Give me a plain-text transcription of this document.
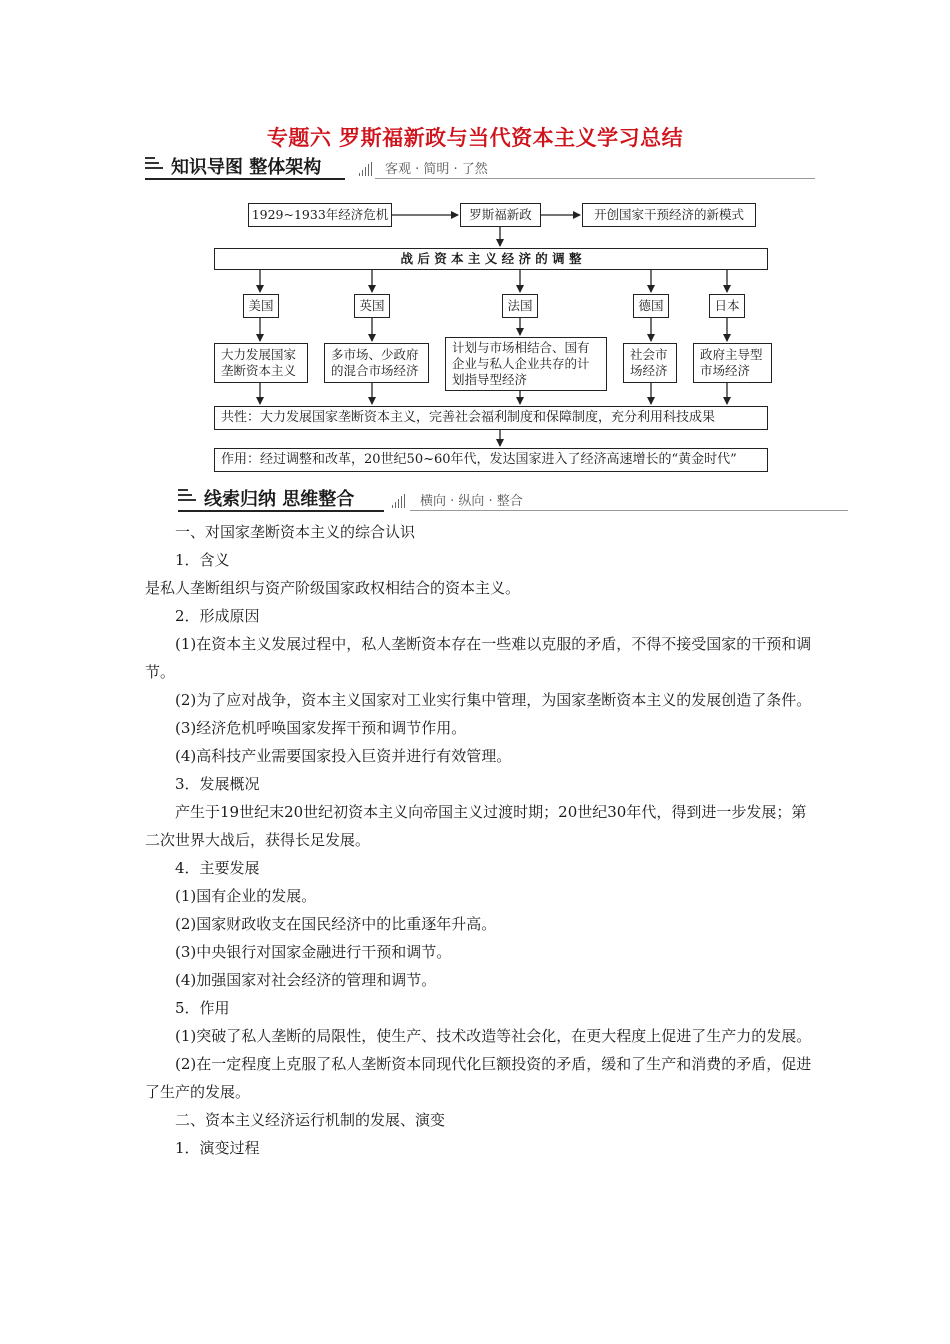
专题六 罗斯福新政与当代资本主义学习总结
知识导图 整体架构	客观 · 简明 · 了然
1929~1933年经济危机	罗斯福新政	开创国家干预经济的新模式
战 后 资 本 主 义 经 济 的 调 整
美国	英国	法国	德国	日本
大力发展国家
垄断资本主义
多市场、少政府
的混合市场经济
计划与市场相结合、国有
企业与私人企业共存的计
划指导型经济
社会市
场经济
政府主导型
市场经济
共性：大力发展国家垄断资本主义，完善社会福利制度和保障制度，充分利用科技成果
作用：经过调整和改革，20世纪50~60年代，发达国家进入了经济高速增长的“黄金时代”
线索归纳 思维整合	横向 · 纵向 · 整合

一、对国家垄断资本主义的综合认识

1．含义

是私人垄断组织与资产阶级国家政权相结合的资本主义。

2．形成原因

(1)在资本主义发展过程中，私人垄断资本存在一些难以克服的矛盾，不得不接受国家的干预和调节。

(2)为了应对战争，资本主义国家对工业实行集中管理，为国家垄断资本主义的发展创造了条件。

(3)经济危机呼唤国家发挥干预和调节作用。

(4)高科技产业需要国家投入巨资并进行有效管理。

3．发展概况

产生于19世纪末20世纪初资本主义向帝国主义过渡时期；20世纪30年代，得到进一步发展；第二次世界大战后，获得长足发展。

4．主要发展

(1)国有企业的发展。

(2)国家财政收支在国民经济中的比重逐年升高。

(3)中央银行对国家金融进行干预和调节。

(4)加强国家对社会经济的管理和调节。

5．作用

(1)突破了私人垄断的局限性，使生产、技术改造等社会化，在更大程度上促进了生产力的发展。

(2)在一定程度上克服了私人垄断资本同现代化巨额投资的矛盾，缓和了生产和消费的矛盾，促进了生产的发展。

二、资本主义经济运行机制的发展、演变

1．演变过程
